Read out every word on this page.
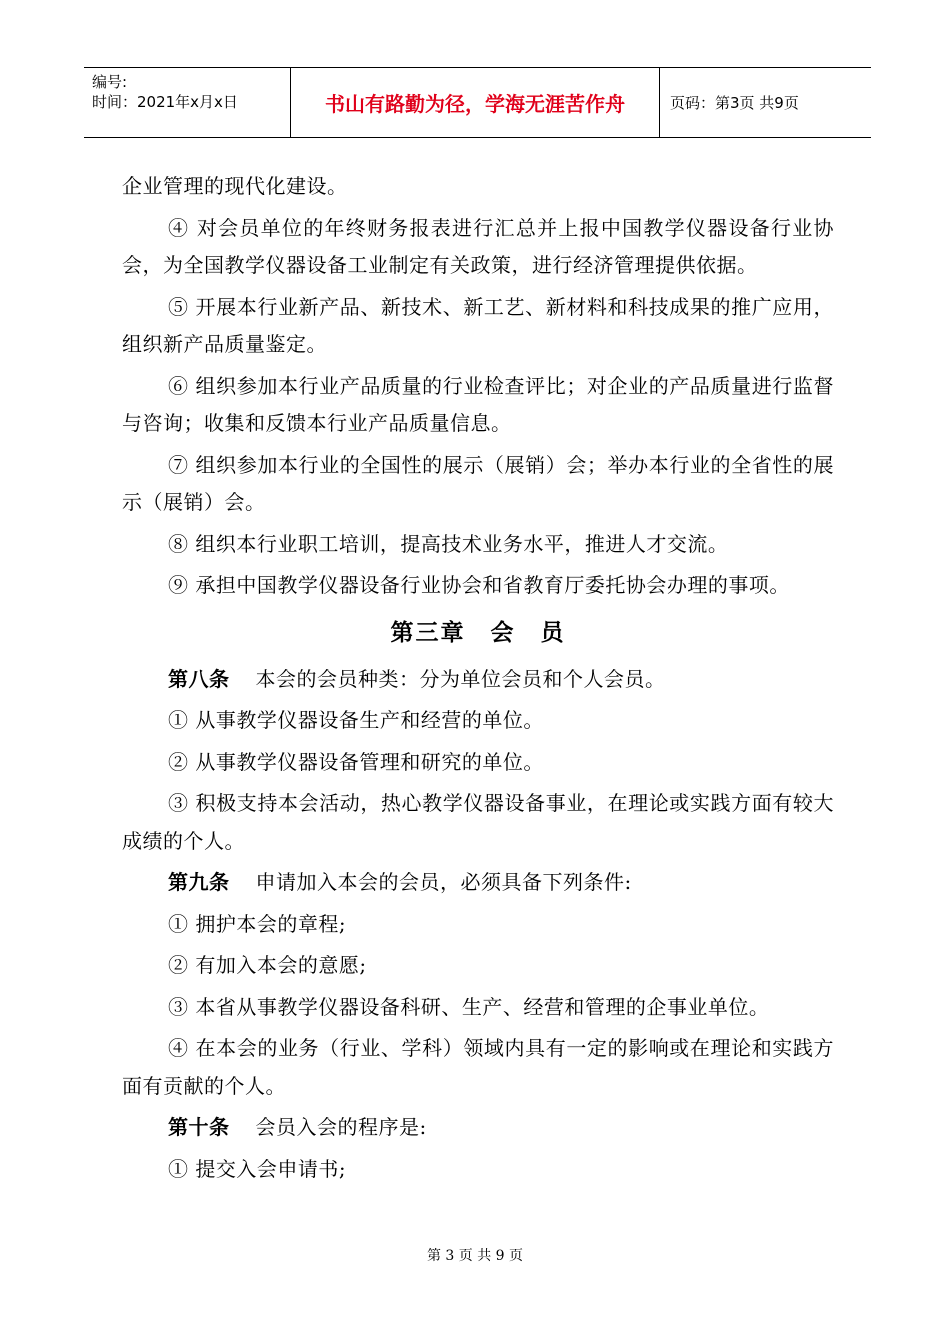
编号:
时间：2021年x月x日	书山有路勤为径，学海无涯苦作舟	页码：第3页 共9页

企业管理的现代化建设。

④ 对会员单位的年终财务报表进行汇总并上报中国教学仪器设备行业协会，为全国教学仪器设备工业制定有关政策，进行经济管理提供依据。

⑤ 开展本行业新产品、新技术、新工艺、新材料和科技成果的推广应用，组织新产品质量鉴定。

⑥ 组织参加本行业产品质量的行业检查评比；对企业的产品质量进行监督与咨询；收集和反馈本行业产品质量信息。

⑦ 组织参加本行业的全国性的展示（展销）会；举办本行业的全省性的展示（展销）会。

⑧ 组织本行业职工培训，提高技术业务水平，推进人才交流。

⑨ 承担中国教学仪器设备行业协会和省教育厅委托协会办理的事项。

第三章　会　员

第八条 本会的会员种类：分为单位会员和个人会员。

① 从事教学仪器设备生产和经营的单位。

② 从事教学仪器设备管理和研究的单位。

③ 积极支持本会活动，热心教学仪器设备事业，在理论或实践方面有较大成绩的个人。

第九条 申请加入本会的会员，必须具备下列条件:

① 拥护本会的章程;

② 有加入本会的意愿;

③ 本省从事教学仪器设备科研、生产、经营和管理的企事业单位。

④ 在本会的业务（行业、学科）领域内具有一定的影响或在理论和实践方面有贡献的个人。

第十条 会员入会的程序是:

① 提交入会申请书;

第 3 页 共 9 页
